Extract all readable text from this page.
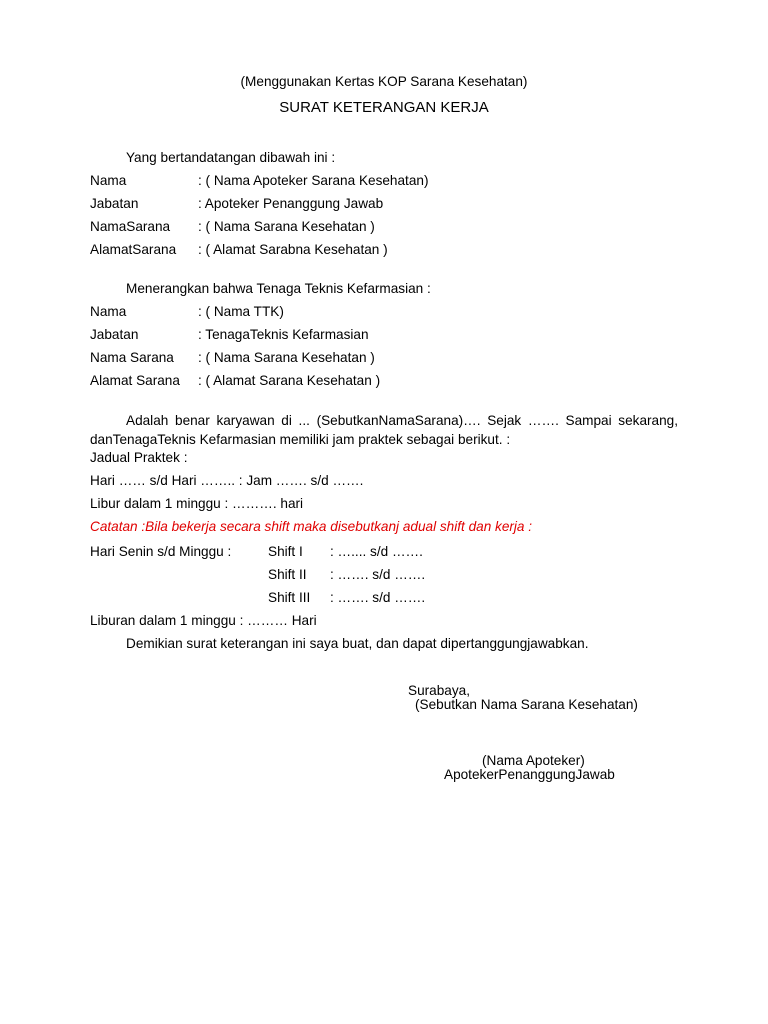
(Menggunakan Kertas KOP Sarana Kesehatan)
SURAT KETERANGAN KERJA
Yang bertandatangan dibawah ini :
Nama	: ( Nama Apoteker Sarana Kesehatan)
Jabatan	: Apoteker Penanggung Jawab
NamaSarana : ( Nama Sarana Kesehatan )
AlamatSarana : ( Alamat Sarabna Kesehatan )
Menerangkan bahwa Tenaga Teknis Kefarmasian :
Nama	: ( Nama TTK)
Jabatan	: TenagaTeknis Kefarmasian
Nama Sarana : ( Nama Sarana Kesehatan )
Alamat Sarana : ( Alamat Sarana Kesehatan )
Adalah benar karyawan di ... (SebutkanNamaSarana)…. Sejak ……. Sampai sekarang, danTenagaTeknis Kefarmasian memiliki jam praktek sebagai berikut. :
Jadual Praktek :
Hari …… s/d Hari …….. : Jam ……. s/d …….
Libur dalam 1 minggu : ………. hari
Catatan :Bila bekerja secara shift maka disebutkanj adual shift dan kerja :
Hari Senin s/d Minggu :	Shift I : ….... s/d …….
Shift II : ……. s/d …….
Shift III : ……. s/d …….
Liburan dalam 1 minggu : ……… Hari
Demikian surat keterangan ini saya buat, dan dapat dipertanggungjawabkan.
Surabaya,
(Sebutkan Nama Sarana Kesehatan)
(Nama Apoteker)
ApotekerPenanggungJawab
